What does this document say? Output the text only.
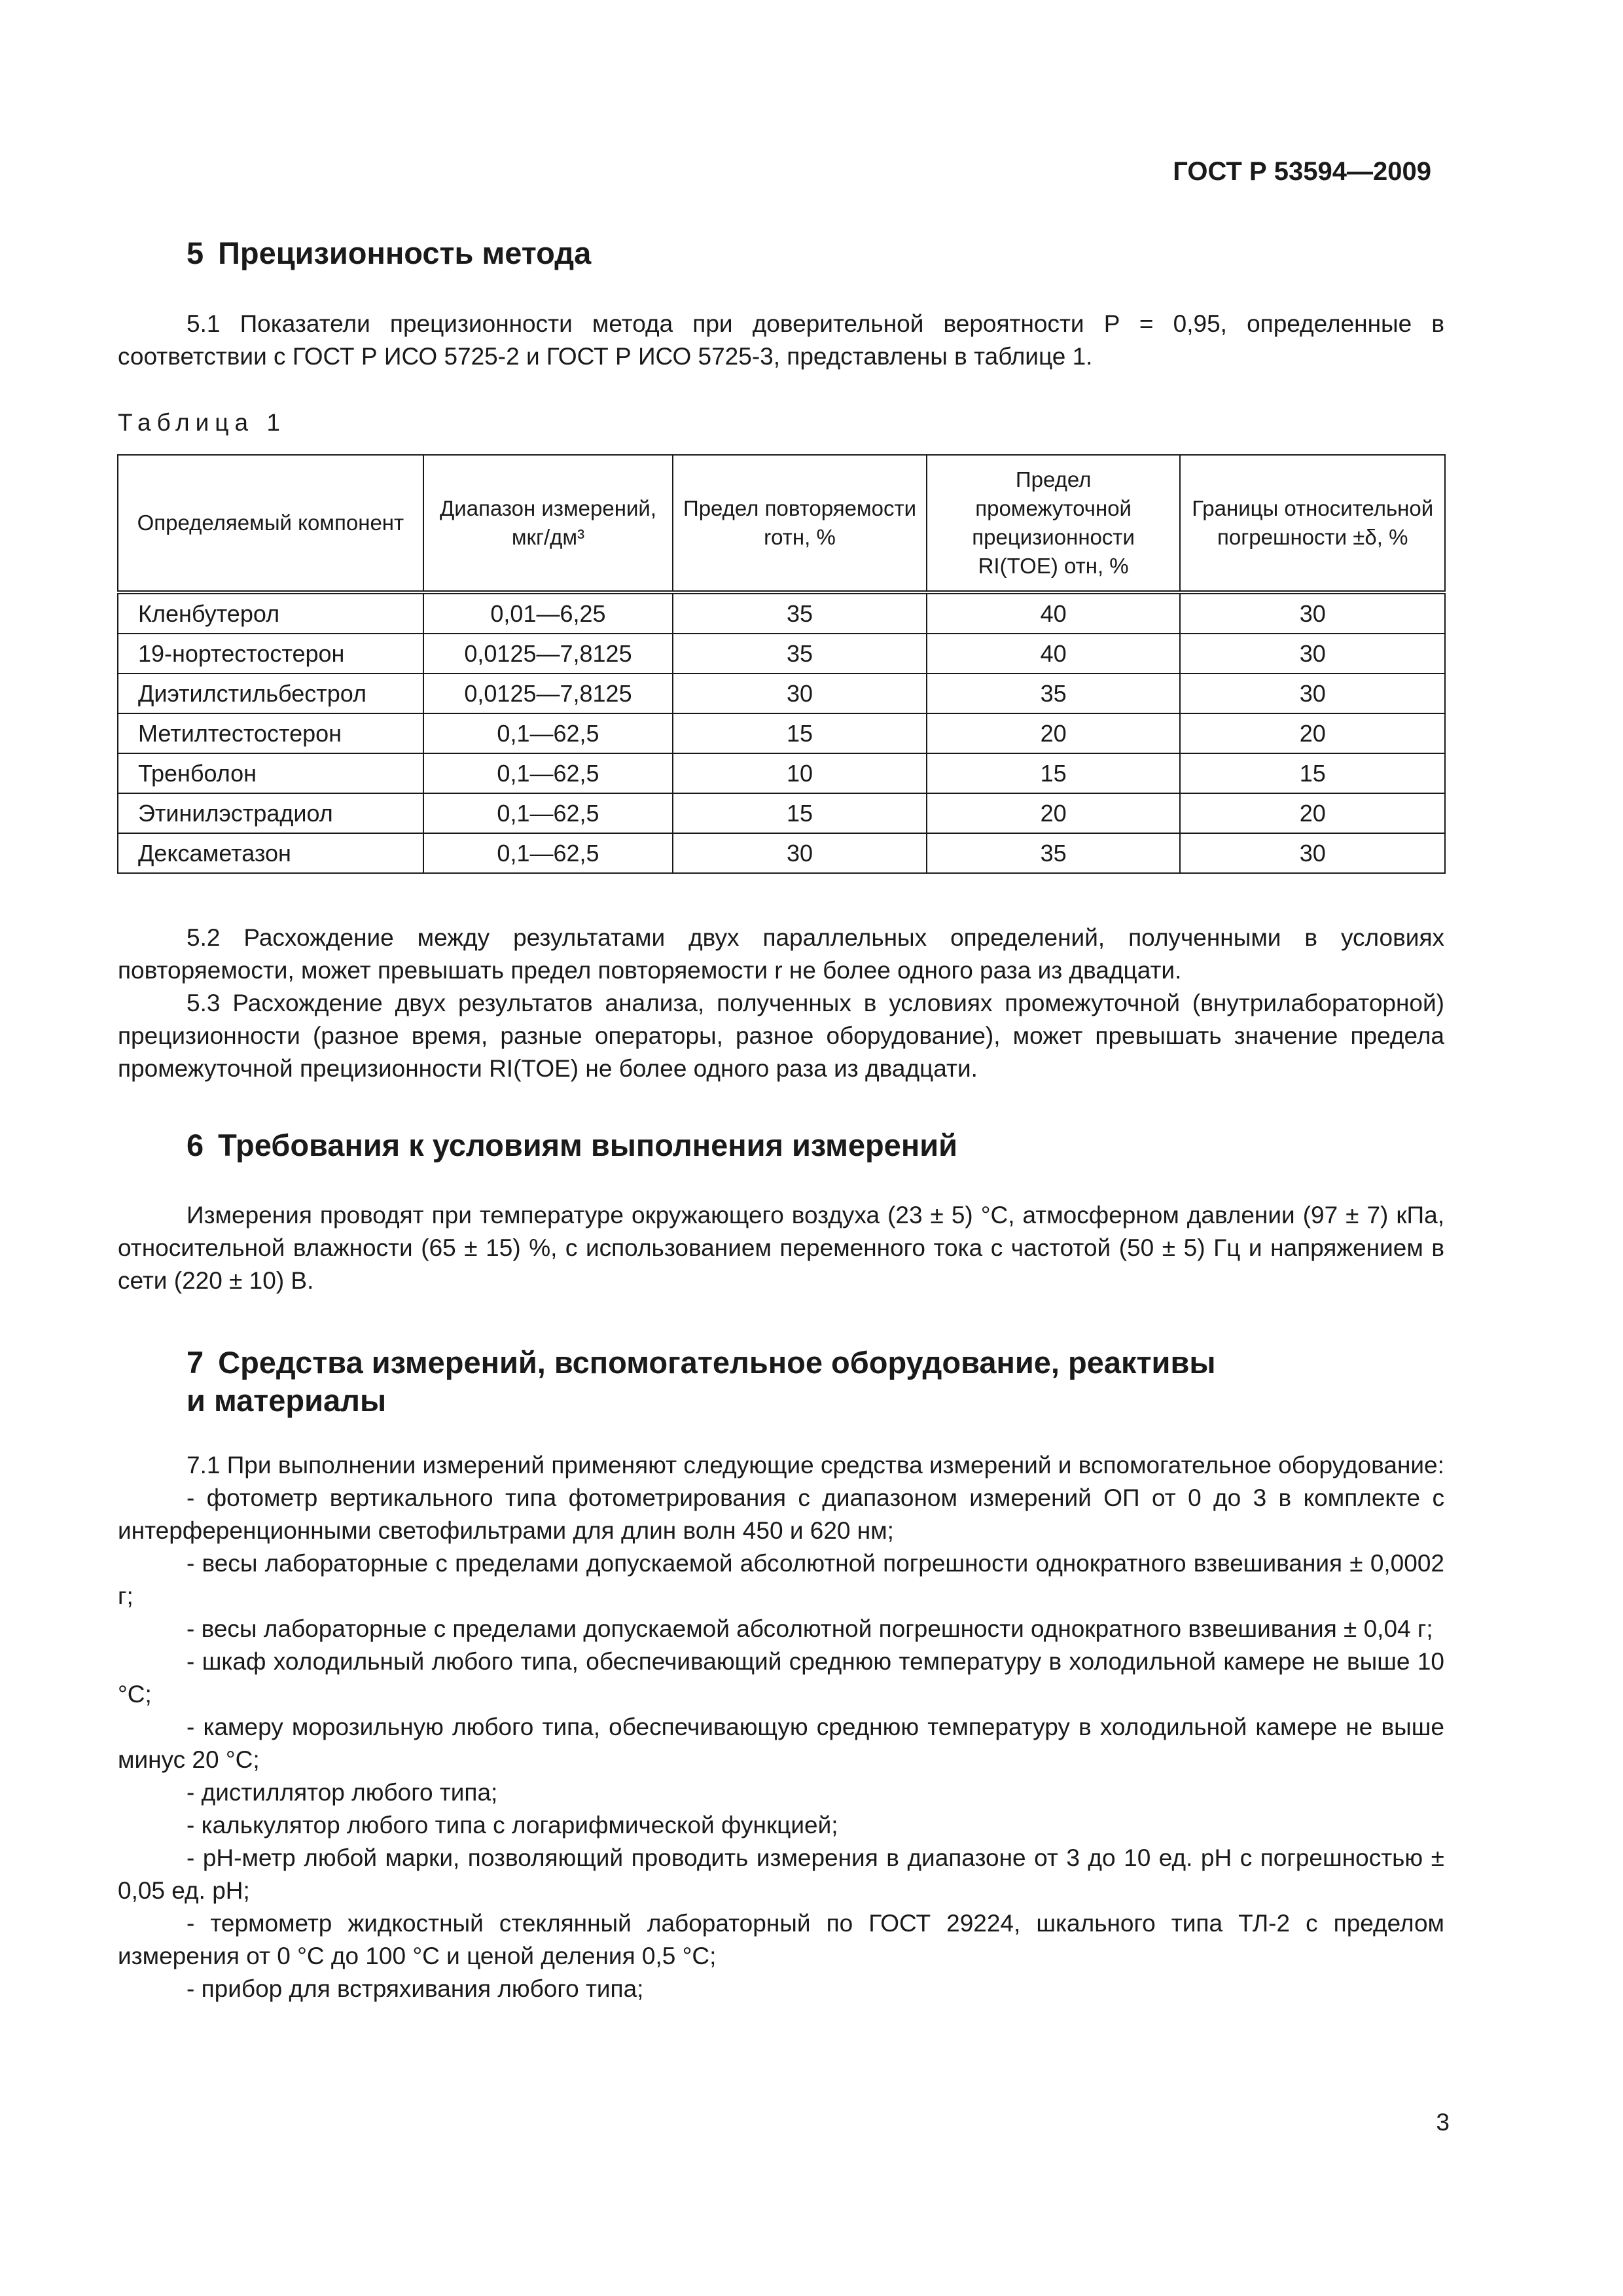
ГОСТ Р 53594—2009
5 Прецизионность метода

5.1 Показатели прецизионности метода при доверительной вероятности P = 0,95, определенные в соответствии с ГОСТ Р ИСО 5725-2 и ГОСТ Р ИСО 5725-3, представлены в таблице 1.

Таблица 1
Определяемый компонент	Диапазон измерений, мкг/дм³	Предел повторяемости rотн, %	Предел промежуточной прецизионности RI(TOE) отн, %	Границы относительной погрешности ±δ, %
Кленбутерол	0,01—6,25	35	40	30
19-нортестостерон	0,0125—7,8125	35	40	30
Диэтилстильбестрол	0,0125—7,8125	30	35	30
Метилтестостерон	0,1—62,5	15	20	20
Тренболон	0,1—62,5	10	15	15
Этинилэстрадиол	0,1—62,5	15	20	20
Дексаметазон	0,1—62,5	30	35	30

5.2 Расхождение между результатами двух параллельных определений, полученными в условиях повторяемости, может превышать предел повторяемости r не более одного раза из двадцати.

5.3 Расхождение двух результатов анализа, полученных в условиях промежуточной (внутрилабораторной) прецизионности (разное время, разные операторы, разное оборудование), может превышать значение предела промежуточной прецизионности RI(TOE) не более одного раза из двадцати.

6 Требования к условиям выполнения измерений

Измерения проводят при температуре окружающего воздуха (23 ± 5) °С, атмосферном давлении (97 ± 7) кПа, относительной влажности (65 ± 15) %, с использованием переменного тока с частотой (50 ± 5) Гц и напряжением в сети (220 ± 10) В.

7 Средства измерений, вспомогательное оборудование, реактивы
и материалы
7.1 При выполнении измерений применяют следующие средства измерений и вспомогательное оборудование:
- фотометр вертикального типа фотометрирования с диапазоном измерений ОП от 0 до 3 в комплекте с интерференционными светофильтрами для длин волн 450 и 620 нм;
- весы лабораторные с пределами допускаемой абсолютной погрешности однократного взвешивания ± 0,0002 г;
- весы лабораторные с пределами допускаемой абсолютной погрешности однократного взвешивания ± 0,04 г;
- шкаф холодильный любого типа, обеспечивающий среднюю температуру в холодильной камере не выше 10 °С;
- камеру морозильную любого типа, обеспечивающую среднюю температуру в холодильной камере не выше минус 20 °С;
- дистиллятор любого типа;
- калькулятор любого типа с логарифмической функцией;
- рН-метр любой марки, позволяющий проводить измерения в диапазоне от 3 до 10 ед. рН с погрешностью ± 0,05 ед. рН;
- термометр жидкостный стеклянный лабораторный по ГОСТ 29224, шкального типа ТЛ-2 с пределом измерения от 0 °С до 100 °С и ценой деления 0,5 °С;
- прибор для встряхивания любого типа;
3
